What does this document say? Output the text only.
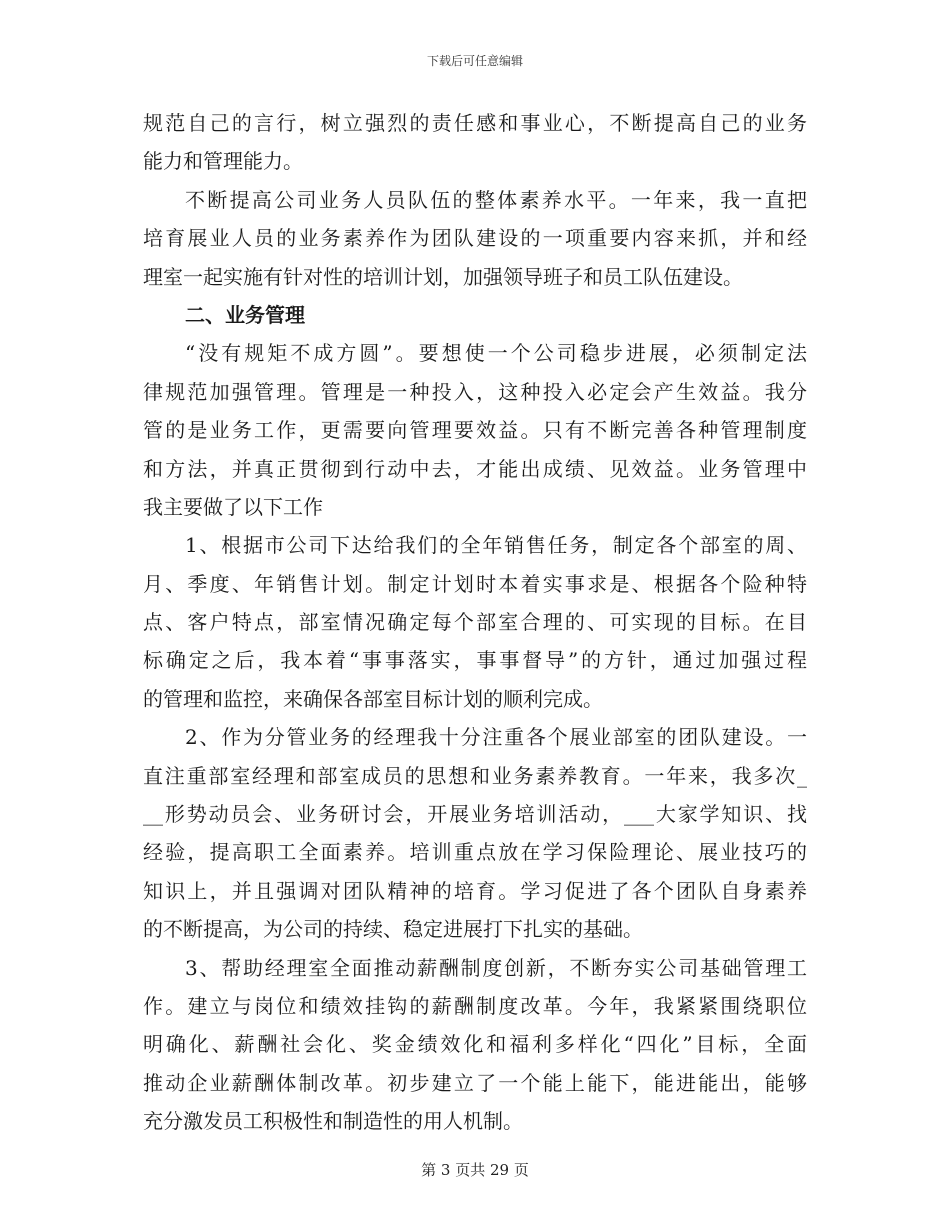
下载后可任意编辑
规范自己的言行，树立强烈的责任感和事业心，不断提高自己的业务
能力和管理能力。
不断提高公司业务人员队伍的整体素养水平。一年来，我一直把
培育展业人员的业务素养作为团队建设的一项重要内容来抓，并和经
理室一起实施有针对性的培训计划，加强领导班子和员工队伍建设。
二、业务管理
“没有规矩不成方圆”。要想使一个公司稳步进展，必须制定法
律规范加强管理。管理是一种投入，这种投入必定会产生效益。我分
管的是业务工作，更需要向管理要效益。只有不断完善各种管理制度
和方法，并真正贯彻到行动中去，才能出成绩、见效益。业务管理中
我主要做了以下工作
1、根据市公司下达给我们的全年销售任务，制定各个部室的周、
月、季度、年销售计划。制定计划时本着实事求是、根据各个险种特
点、客户特点，部室情况确定每个部室合理的、可实现的目标。在目
标确定之后，我本着“事事落实，事事督导”的方针，通过加强过程
的管理和监控，来确保各部室目标计划的顺利完成。
2、作为分管业务的经理我十分注重各个展业部室的团队建设。一
直注重部室经理和部室成员的思想和业务素养教育。一年来，我多次_
__形势动员会、业务研讨会，开展业务培训活动，___大家学知识、找
经验，提高职工全面素养。培训重点放在学习保险理论、展业技巧的
知识上，并且强调对团队精神的培育。学习促进了各个团队自身素养
的不断提高，为公司的持续、稳定进展打下扎实的基础。
3、帮助经理室全面推动薪酬制度创新，不断夯实公司基础管理工
作。建立与岗位和绩效挂钩的薪酬制度改革。今年，我紧紧围绕职位
明确化、薪酬社会化、奖金绩效化和福利多样化“四化”目标，全面
推动企业薪酬体制改革。初步建立了一个能上能下，能进能出，能够
充分激发员工积极性和制造性的用人机制。
第 3 页共 29 页
